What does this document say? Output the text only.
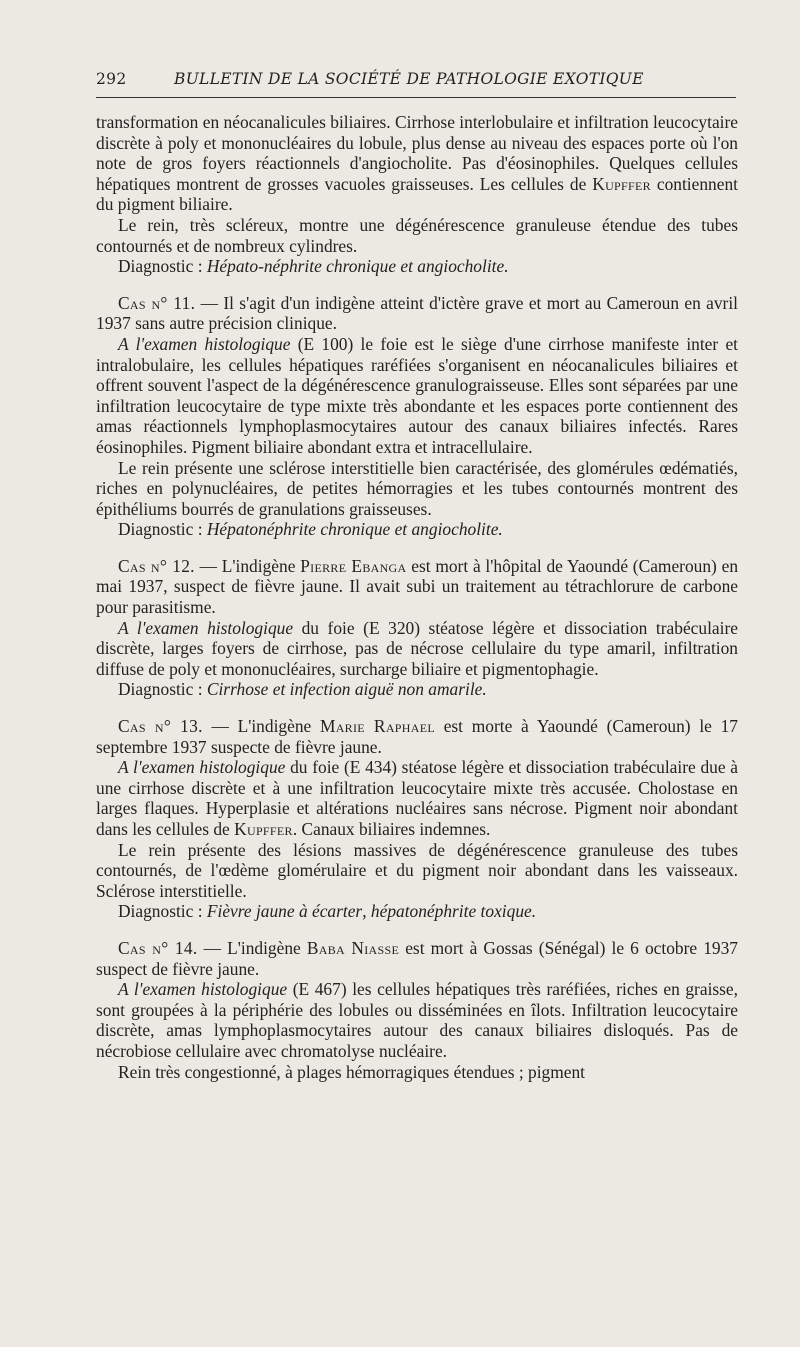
292	BULLETIN DE LA SOCIÉTÉ DE PATHOLOGIE EXOTIQUE

transformation en néocanalicules biliaires. Cirrhose interlobulaire et infiltration leucocytaire discrète à poly et mononucléaires du lobule, plus dense au niveau des espaces porte où l'on note de gros foyers réactionnels d'angiocholite. Pas d'éosinophiles. Quelques cellules hépatiques montrent de grosses vacuoles graisseuses. Les cellules de Kupffer contiennent du pigment biliaire.

Le rein, très scléreux, montre une dégénérescence granuleuse étendue des tubes contournés et de nombreux cylindres.

Diagnostic : Hépato-néphrite chronique et angiocholite.

Cas n° 11. — Il s'agit d'un indigène atteint d'ictère grave et mort au Cameroun en avril 1937 sans autre précision clinique.

A l'examen histologique (E 100) le foie est le siège d'une cirrhose manifeste inter et intralobulaire, les cellules hépatiques raréfiées s'organisent en néocanalicules biliaires et offrent souvent l'aspect de la dégénérescence granulograisseuse. Elles sont séparées par une infiltration leucocytaire de type mixte très abondante et les espaces porte contiennent des amas réactionnels lymphoplasmocytaires autour des canaux biliaires infectés. Rares éosinophiles. Pigment biliaire abondant extra et intracellulaire.

Le rein présente une sclérose interstitielle bien caractérisée, des glomérules œdématiés, riches en polynucléaires, de petites hémorragies et les tubes contournés montrent des épithéliums bourrés de granulations graisseuses.

Diagnostic : Hépatonéphrite chronique et angiocholite.

Cas n° 12. — L'indigène Pierre Ebanga est mort à l'hôpital de Yaoundé (Cameroun) en mai 1937, suspect de fièvre jaune. Il avait subi un traitement au tétrachlorure de carbone pour parasitisme.

A l'examen histologique du foie (E 320) stéatose légère et dissociation trabéculaire discrète, larges foyers de cirrhose, pas de nécrose cellulaire du type amaril, infiltration diffuse de poly et mononucléaires, surcharge biliaire et pigmentophagie.

Diagnostic : Cirrhose et infection aiguë non amarile.

Cas n° 13. — L'indigène Marie Raphael est morte à Yaoundé (Cameroun) le 17 septembre 1937 suspecte de fièvre jaune.

A l'examen histologique du foie (E 434) stéatose légère et dissociation trabéculaire due à une cirrhose discrète et à une infiltration leucocytaire mixte très accusée. Cholostase en larges flaques. Hyperplasie et altérations nucléaires sans nécrose. Pigment noir abondant dans les cellules de Kupffer. Canaux biliaires indemnes.

Le rein présente des lésions massives de dégénérescence granuleuse des tubes contournés, de l'œdème glomérulaire et du pigment noir abondant dans les vaisseaux. Sclérose interstitielle.

Diagnostic : Fièvre jaune à écarter, hépatonéphrite toxique.

Cas n° 14. — L'indigène Baba Niasse est mort à Gossas (Sénégal) le 6 octobre 1937 suspect de fièvre jaune.

A l'examen histologique (E 467) les cellules hépatiques très raréfiées, riches en graisse, sont groupées à la périphérie des lobules ou disséminées en îlots. Infiltration leucocytaire discrète, amas lymphoplasmocytaires autour des canaux biliaires disloqués. Pas de nécrobiose cellulaire avec chromatolyse nucléaire.

Rein très congestionné, à plages hémorragiques étendues ; pigment
